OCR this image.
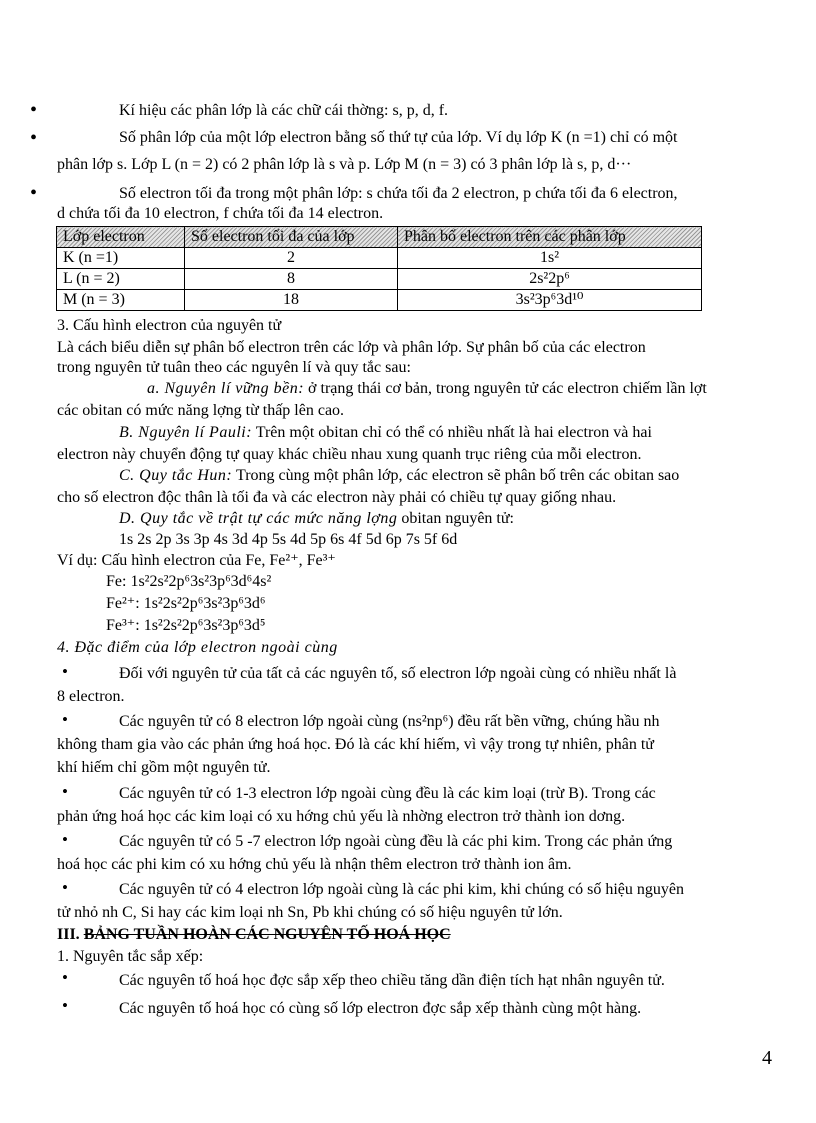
•	Kí hiệu các phân lớp là các chữ cái thờng: s, p, d, f.
•	Số phân lớp của một lớp electron bằng số thứ tự của lớp. Ví dụ lớp K (n =1) chỉ có một
phân lớp s. Lớp L (n = 2) có 2 phân lớp là s và p. Lớp M (n = 3) có 3 phân lớp là s, p, d···
•	Số electron tối đa trong một phân lớp: s chứa tối đa 2 electron, p chứa tối đa 6 electron,
d chứa tối đa 10 electron, f chứa tối đa 14 electron.
Lớp electron	Số electron tối đa của lớp	Phân bố electron trên các phân lớp
K (n =1)	2	1s²
L (n = 2)	8	2s²2p⁶
M (n = 3)	18	3s²3p⁶3d¹⁰
3. Cấu hình electron của nguyên tử
Là cách biểu diễn sự phân bố electron trên các lớp và phân lớp. Sự phân bố của các electron
trong nguyên tử tuân theo các nguyên lí và quy tắc sau:
a. Nguyên lí vững bền: ở trạng thái cơ bản, trong nguyên tử các electron chiếm lần lợt
các obitan có mức năng lợng từ thấp lên cao.
B. Nguyên lí Pauli: Trên một obitan chỉ có thể có nhiều nhất là hai electron và hai
electron này chuyển động tự quay khác chiều nhau xung quanh trục riêng của mỗi electron.
C. Quy tắc Hun: Trong cùng một phân lớp, các electron sẽ phân bố trên các obitan sao
cho số electron độc thân là tối đa và các electron này phải có chiều tự quay giống nhau.
D. Quy tắc về trật tự các mức năng lợng obitan nguyên tử:
1s 2s 2p 3s 3p 4s 3d 4p 5s 4d 5p 6s 4f 5d 6p 7s 5f 6d
Ví dụ: Cấu hình electron của Fe, Fe²⁺, Fe³⁺
Fe: 1s²2s²2p⁶3s²3p⁶3d⁶4s²
Fe²⁺: 1s²2s²2p⁶3s²3p⁶3d⁶
Fe³⁺: 1s²2s²2p⁶3s²3p⁶3d⁵
4. Đặc điểm của lớp electron ngoài cùng
•	Đối với nguyên tử của tất cả các nguyên tố, số electron lớp ngoài cùng có nhiều nhất là
8 electron.
•	Các nguyên tử có 8 electron lớp ngoài cùng (ns²np⁶) đều rất bền vững, chúng hầu nh
không tham gia vào các phản ứng hoá học. Đó là các khí hiếm, vì vậy trong tự nhiên, phân tử
khí hiếm chỉ gồm một nguyên tử.
•	Các nguyên tử có 1-3 electron lớp ngoài cùng đều là các kim loại (trừ B). Trong các
phản ứng hoá học các kim loại có xu hớng chủ yếu là nhờng electron trở thành ion dơng.
•	Các nguyên tử có 5 -7 electron lớp ngoài cùng đều là các phi kim. Trong các phản ứng
hoá học các phi kim có xu hớng chủ yếu là nhận thêm electron trở thành ion âm.
•	Các nguyên tử có 4 electron lớp ngoài cùng là các phi kim, khi chúng có số hiệu nguyên
tử nhỏ nh C, Si hay các kim loại nh Sn, Pb khi chúng có số hiệu nguyên tử lớn.
III. BẢNG TUẦN HOÀN CÁC NGUYÊN TỐ HOÁ HỌC
1. Nguyên tắc sắp xếp:
•	Các nguyên tố hoá học đợc sắp xếp theo chiều tăng dần điện tích hạt nhân nguyên tử.
•	Các nguyên tố hoá học có cùng số lớp electron đợc sắp xếp thành cùng một hàng.
4
